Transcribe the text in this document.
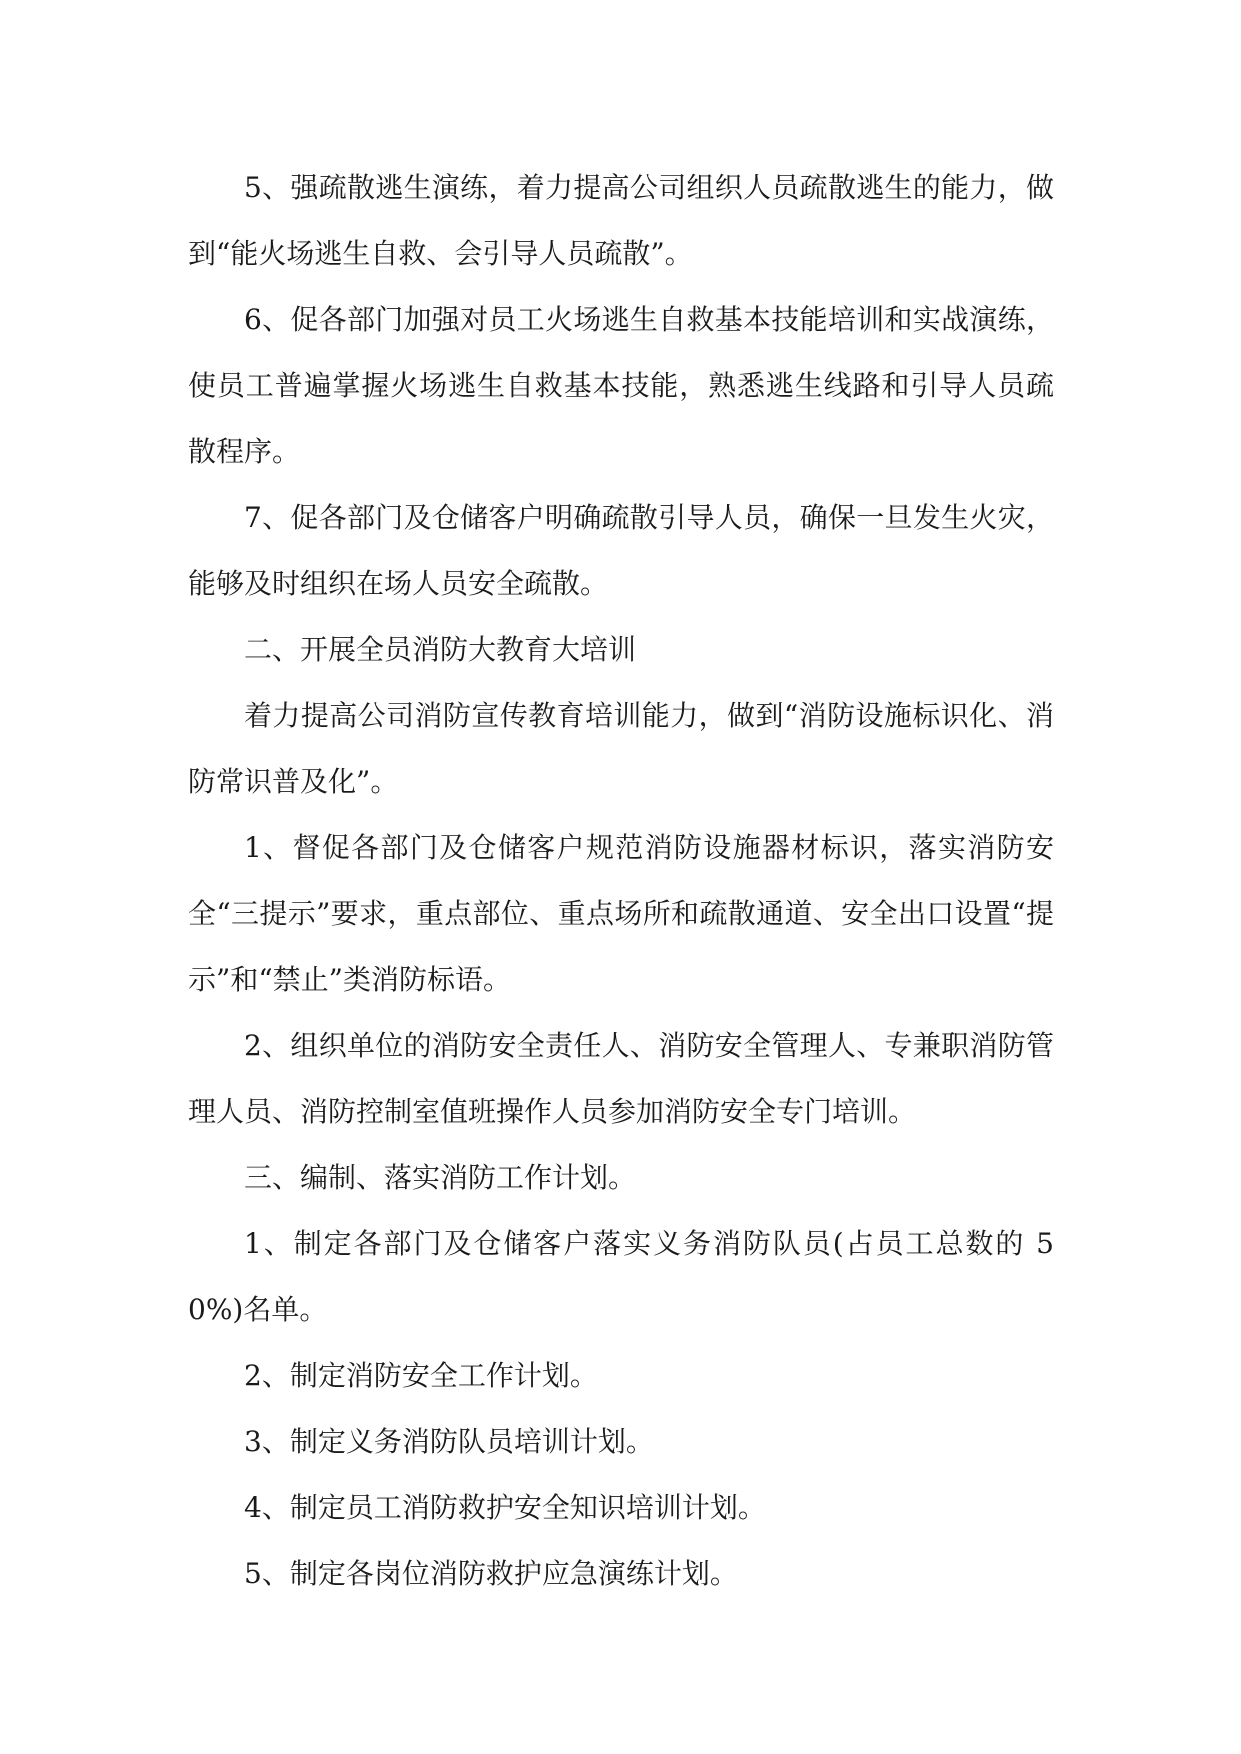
5、强疏散逃生演练，着力提高公司组织人员疏散逃生的能力，做到“能火场逃生自救、会引导人员疏散”。

6、促各部门加强对员工火场逃生自救基本技能培训和实战演练，使员工普遍掌握火场逃生自救基本技能，熟悉逃生线路和引导人员疏散程序。

7、促各部门及仓储客户明确疏散引导人员，确保一旦发生火灾，能够及时组织在场人员安全疏散。

二、开展全员消防大教育大培训

着力提高公司消防宣传教育培训能力，做到“消防设施标识化、消防常识普及化”。

1、督促各部门及仓储客户规范消防设施器材标识，落实消防安全“三提示”要求，重点部位、重点场所和疏散通道、安全出口设置“提示”和“禁止”类消防标语。

2、组织单位的消防安全责任人、消防安全管理人、专兼职消防管理人员、消防控制室值班操作人员参加消防安全专门培训。

三、编制、落实消防工作计划。

1、制定各部门及仓储客户落实义务消防队员(占员工总数的 50%)名单。

2、制定消防安全工作计划。

3、制定义务消防队员培训计划。

4、制定员工消防救护安全知识培训计划。

5、制定各岗位消防救护应急演练计划。
